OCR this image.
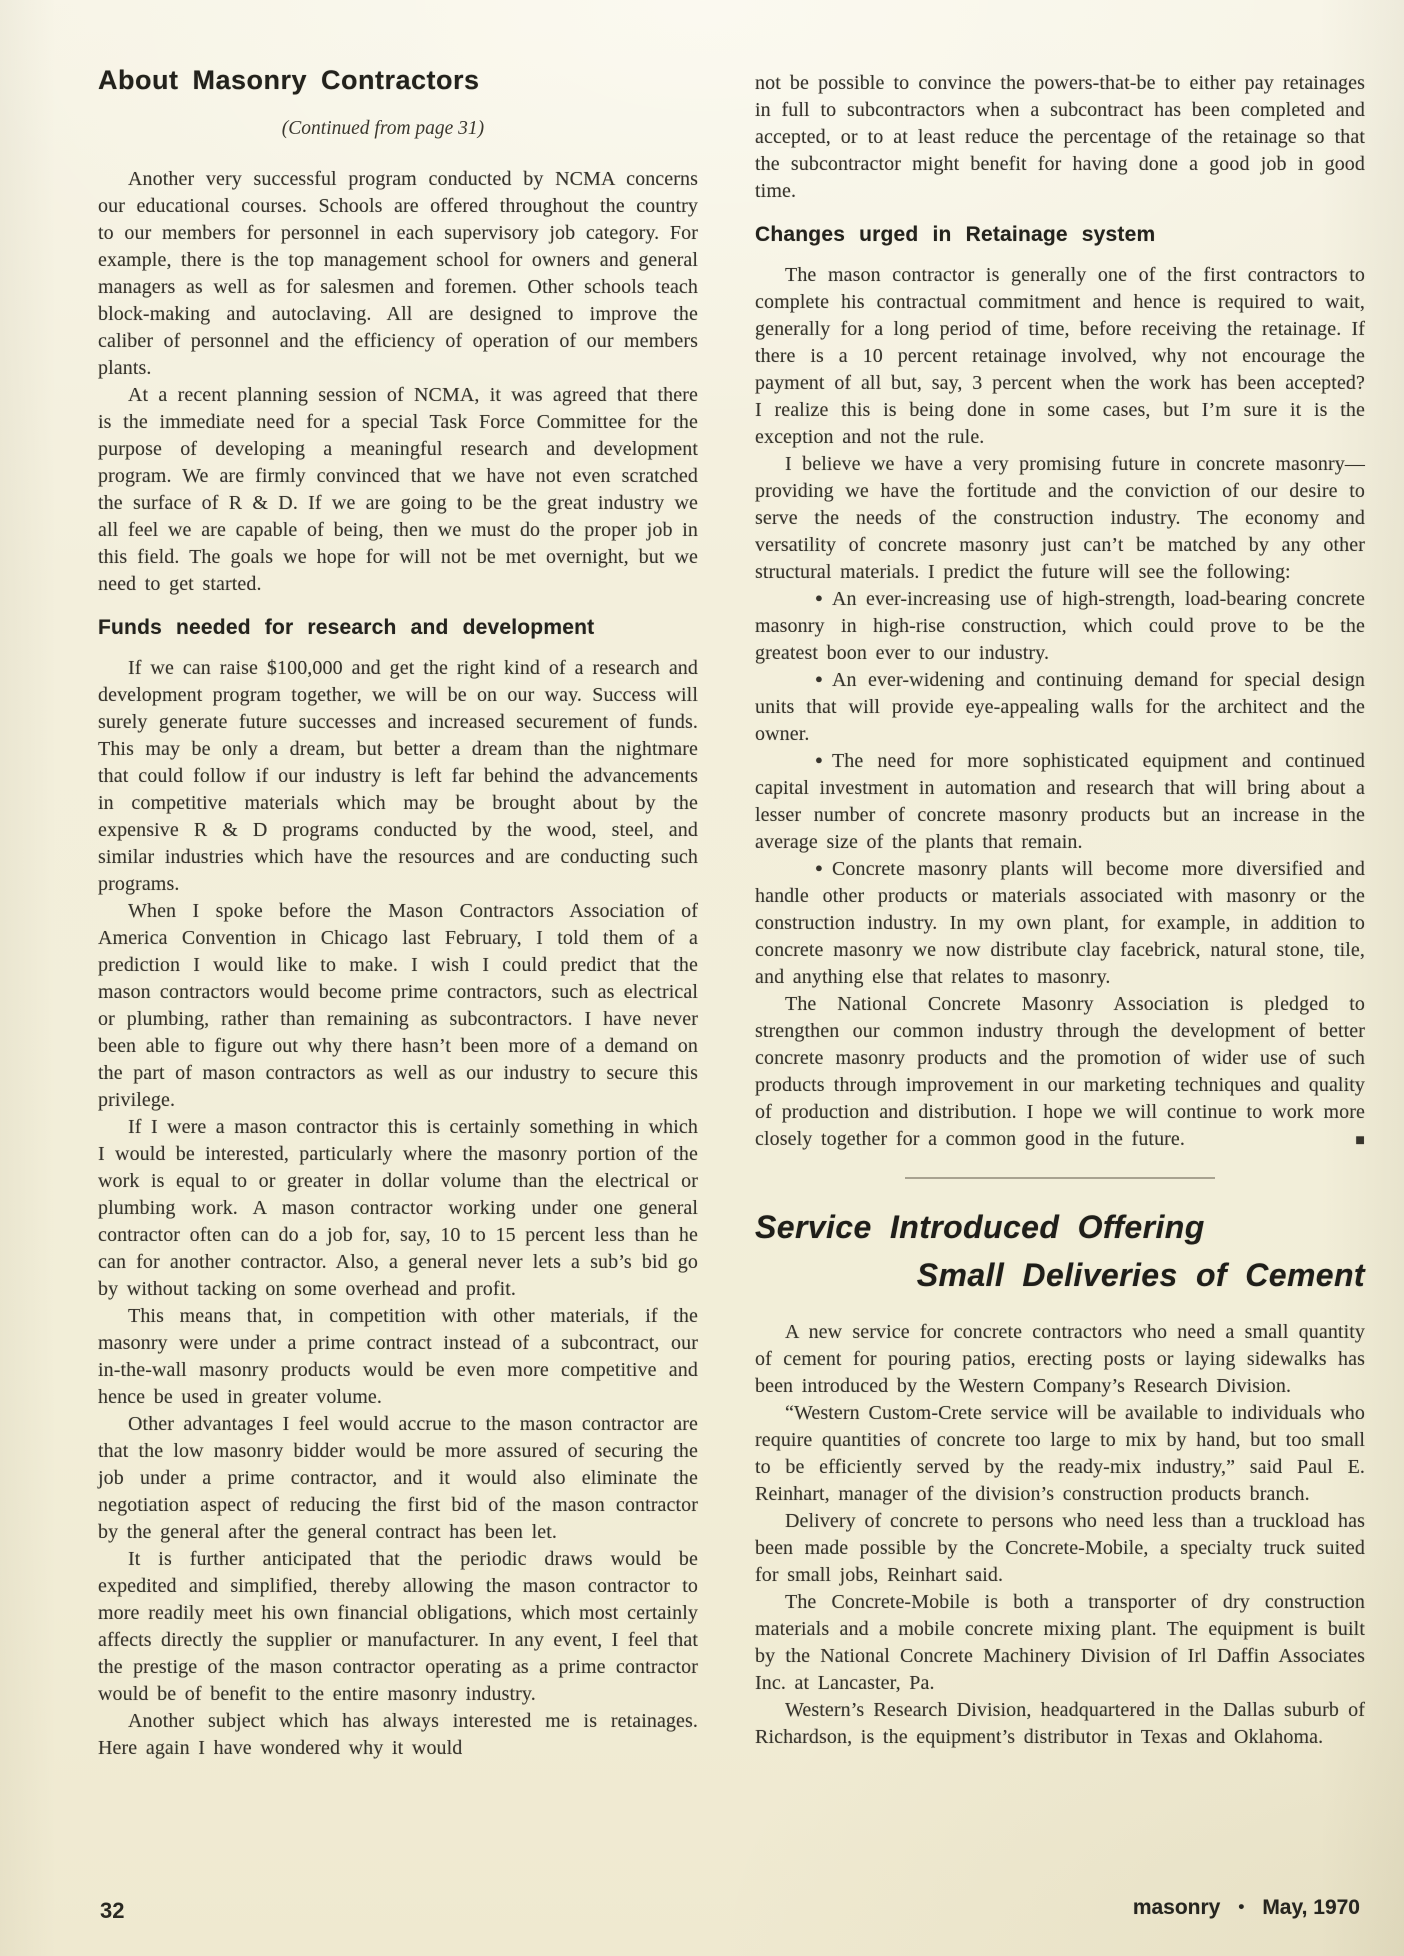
About Masonry Contractors
(Continued from page 31)

Another very successful program conducted by NCMA concerns our educational courses. Schools are offered throughout the country to our members for personnel in each supervisory job category. For example, there is the top management school for owners and general managers as well as for salesmen and foremen. Other schools teach block-making and autoclaving. All are designed to improve the caliber of personnel and the efficiency of operation of our members plants.

At a recent planning session of NCMA, it was agreed that there is the immediate need for a special Task Force Committee for the purpose of developing a meaningful research and development program. We are firmly convinced that we have not even scratched the surface of R & D. If we are going to be the great industry we all feel we are capable of being, then we must do the proper job in this field. The goals we hope for will not be met overnight, but we need to get started.

Funds needed for research and development

If we can raise $100,000 and get the right kind of a research and development program together, we will be on our way. Success will surely generate future successes and increased securement of funds. This may be only a dream, but better a dream than the nightmare that could follow if our industry is left far behind the advancements in competitive materials which may be brought about by the expensive R & D programs conducted by the wood, steel, and similar industries which have the resources and are conducting such programs.

When I spoke before the Mason Contractors Association of America Convention in Chicago last February, I told them of a prediction I would like to make. I wish I could predict that the mason contractors would become prime contractors, such as electrical or plumbing, rather than remaining as subcontractors. I have never been able to figure out why there hasn’t been more of a demand on the part of mason contractors as well as our industry to secure this privilege.

If I were a mason contractor this is certainly something in which I would be interested, particularly where the masonry portion of the work is equal to or greater in dollar volume than the electrical or plumbing work. A mason contractor working under one general contractor often can do a job for, say, 10 to 15 percent less than he can for another contractor. Also, a general never lets a sub’s bid go by without tacking on some overhead and profit.

This means that, in competition with other materials, if the masonry were under a prime contract instead of a subcontract, our in-the-wall masonry products would be even more competitive and hence be used in greater volume.

Other advantages I feel would accrue to the mason contractor are that the low masonry bidder would be more assured of securing the job under a prime contractor, and it would also eliminate the negotiation aspect of reducing the first bid of the mason contractor by the general after the general contract has been let.

It is further anticipated that the periodic draws would be expedited and simplified, thereby allowing the mason contractor to more readily meet his own financial obligations, which most certainly affects directly the supplier or manufacturer. In any event, I feel that the prestige of the mason contractor operating as a prime contractor would be of benefit to the entire masonry industry.

Another subject which has always interested me is retainages. Here again I have wondered why it would

not be possible to convince the powers-that-be to either pay retainages in full to subcontractors when a subcontract has been completed and accepted, or to at least reduce the percentage of the retainage so that the subcontractor might benefit for having done a good job in good time.

Changes urged in Retainage system

The mason contractor is generally one of the first contractors to complete his contractual commitment and hence is required to wait, generally for a long period of time, before receiving the retainage. If there is a 10 percent retainage involved, why not encourage the payment of all but, say, 3 percent when the work has been accepted? I realize this is being done in some cases, but I’m sure it is the exception and not the rule.

I believe we have a very promising future in concrete masonry—providing we have the fortitude and the conviction of our desire to serve the needs of the construction industry. The economy and versatility of concrete masonry just can’t be matched by any other structural materials. I predict the future will see the following:

● An ever-increasing use of high-strength, load-bearing concrete masonry in high-rise construction, which could prove to be the greatest boon ever to our industry.

● An ever-widening and continuing demand for special design units that will provide eye-appealing walls for the architect and the owner.

● The need for more sophisticated equipment and continued capital investment in automation and research that will bring about a lesser number of concrete masonry products but an increase in the average size of the plants that remain.

● Concrete masonry plants will become more diversified and handle other products or materials associated with masonry or the construction industry. In my own plant, for example, in addition to concrete masonry we now distribute clay facebrick, natural stone, tile, and anything else that relates to masonry.

The National Concrete Masonry Association is pledged to strengthen our common industry through the development of better concrete masonry products and the promotion of wider use of such products through improvement in our marketing techniques and quality of production and distribution. I hope we will continue to work more closely together for a common good in the future.	■

Service Introduced Offering
Small Deliveries of Cement

A new service for concrete contractors who need a small quantity of cement for pouring patios, erecting posts or laying sidewalks has been introduced by the Western Company’s Research Division.

“Western Custom-Crete service will be available to individuals who require quantities of concrete too large to mix by hand, but too small to be efficiently served by the ready-mix industry,” said Paul E. Reinhart, manager of the division’s construction products branch.

Delivery of concrete to persons who need less than a truckload has been made possible by the Concrete-Mobile, a specialty truck suited for small jobs, Reinhart said.

The Concrete-Mobile is both a transporter of dry construction materials and a mobile concrete mixing plant. The equipment is built by the National Concrete Machinery Division of Irl Daffin Associates Inc. at Lancaster, Pa.

Western’s Research Division, headquartered in the Dallas suburb of Richardson, is the equipment’s distributor in Texas and Oklahoma.

32	masonry • May, 1970
